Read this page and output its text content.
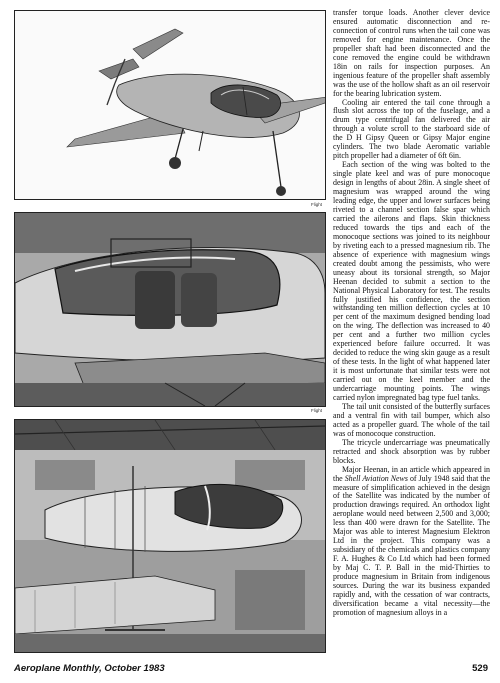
Flight
Flight

transfer torque loads. Another clever device ensured automatic disconnection and re-connection of control runs when the tail cone was removed for engine maintenance. Once the propeller shaft had been disconnected and the cone removed the engine could be withdrawn 18in on rails for inspection purposes. An ingenious feature of the propeller shaft assembly was the use of the hollow shaft as an oil reservoir for the bearing lubrication system.

Cooling air entered the tail cone through a flush slot across the top of the fuselage, and a drum type centrifugal fan delivered the air through a volute scroll to the starboard side of the D H Gipsy Queen or Gipsy Major engine cylinders. The two blade Aeromatic variable pitch propeller had a diameter of 6ft 6in.

Each section of the wing was bolted to the single plate keel and was of pure monocoque design in lengths of about 28in. A single sheet of magnesium was wrapped around the wing leading edge, the upper and lower surfaces being riveted to a channel section false spar which carried the ailerons and flaps. Skin thickness reduced towards the tips and each of the monocoque sections was joined to its neighbour by riveting each to a pressed magnesium rib. The absence of experience with magnesium wings created doubt among the pessimists, who were uneasy about its torsional strength, so Major Heenan decided to submit a section to the National Physical Laboratory for test. The results fully justified his confidence, the section withstanding ten million deflection cycles at 10 per cent of the maximum designed bending load on the wing. The deflection was increased to 40 per cent and a further two million cycles experienced before failure occurred. It was decided to reduce the wing skin gauge as a result of these tests. In the light of what happened later it is most unfortunate that similar tests were not carried out on the keel member and the undercarriage mounting points. The wings carried nylon impregnated bag type fuel tanks.

The tail unit consisted of the butterfly surfaces and a ventral fin with tail bumper, which also acted as a propeller guard. The whole of the tail was of monocoque construction.

The tricycle undercarriage was pneumatically retracted and shock absorption was by rubber blocks.

Major Heenan, in an article which appeared in the Shell Aviation News of July 1948 said that the measure of simplification achieved in the design of the Satellite was indicated by the number of production drawings required. An orthodox light aeroplane would need between 2,500 and 3,000; less than 400 were drawn for the Satellite. The Major was able to interest Magnesium Elektron Ltd in the project. This company was a subsidiary of the chemicals and plastics company F. A. Hughes & Co Ltd which had been formed by Maj C. T. P. Ball in the mid-Thirties to produce magnesium in Britain from indigenous sources. During the war its business expanded rapidly and, with the cessation of war contracts, diversification became a vital necessity—the promotion of magnesium alloys in a

Aeroplane Monthly, October 1983	529
